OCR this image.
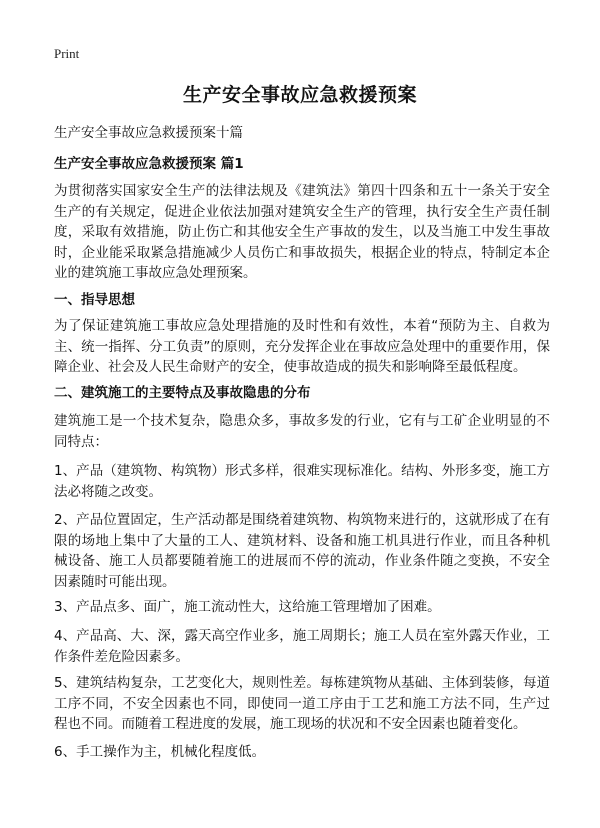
Print
生产安全事故应急救援预案
生产安全事故应急救援预案十篇
生产安全事故应急救援预案 篇1
为贯彻落实国家安全生产的法律法规及《建筑法》第四十四条和五十一条关于安全生产的有关规定，促进企业依法加强对建筑安全生产的管理，执行安全生产责任制度，采取有效措施，防止伤亡和其他安全生产事故的发生，以及当施工中发生事故时，企业能采取紧急措施减少人员伤亡和事故损失，根据企业的特点，特制定本企业的建筑施工事故应急处理预案。
一、指导思想
为了保证建筑施工事故应急处理措施的及时性和有效性，本着“预防为主、自救为主、统一指挥、分工负责”的原则，充分发挥企业在事故应急处理中的重要作用，保障企业、社会及人民生命财产的安全，使事故造成的损失和影响降至最低程度。
二、建筑施工的主要特点及事故隐患的分布
建筑施工是一个技术复杂，隐患众多，事故多发的行业，它有与工矿企业明显的不同特点：
1、产品（建筑物、构筑物）形式多样，很难实现标准化。结构、外形多变，施工方法必将随之改变。
2、产品位置固定，生产活动都是围绕着建筑物、构筑物来进行的，这就形成了在有限的场地上集中了大量的工人、建筑材料、设备和施工机具进行作业，而且各种机械设备、施工人员都要随着施工的进展而不停的流动，作业条件随之变换，不安全因素随时可能出现。
3、产品点多、面广，施工流动性大，这给施工管理增加了困难。
4、产品高、大、深，露天高空作业多，施工周期长；施工人员在室外露天作业，工作条件差危险因素多。
5、建筑结构复杂，工艺变化大，规则性差。每栋建筑物从基础、主体到装修，每道工序不同，不安全因素也不同，即使同一道工序由于工艺和施工方法不同，生产过程也不同。而随着工程进度的发展，施工现场的状况和不安全因素也随着变化。
6、手工操作为主，机械化程度低。
